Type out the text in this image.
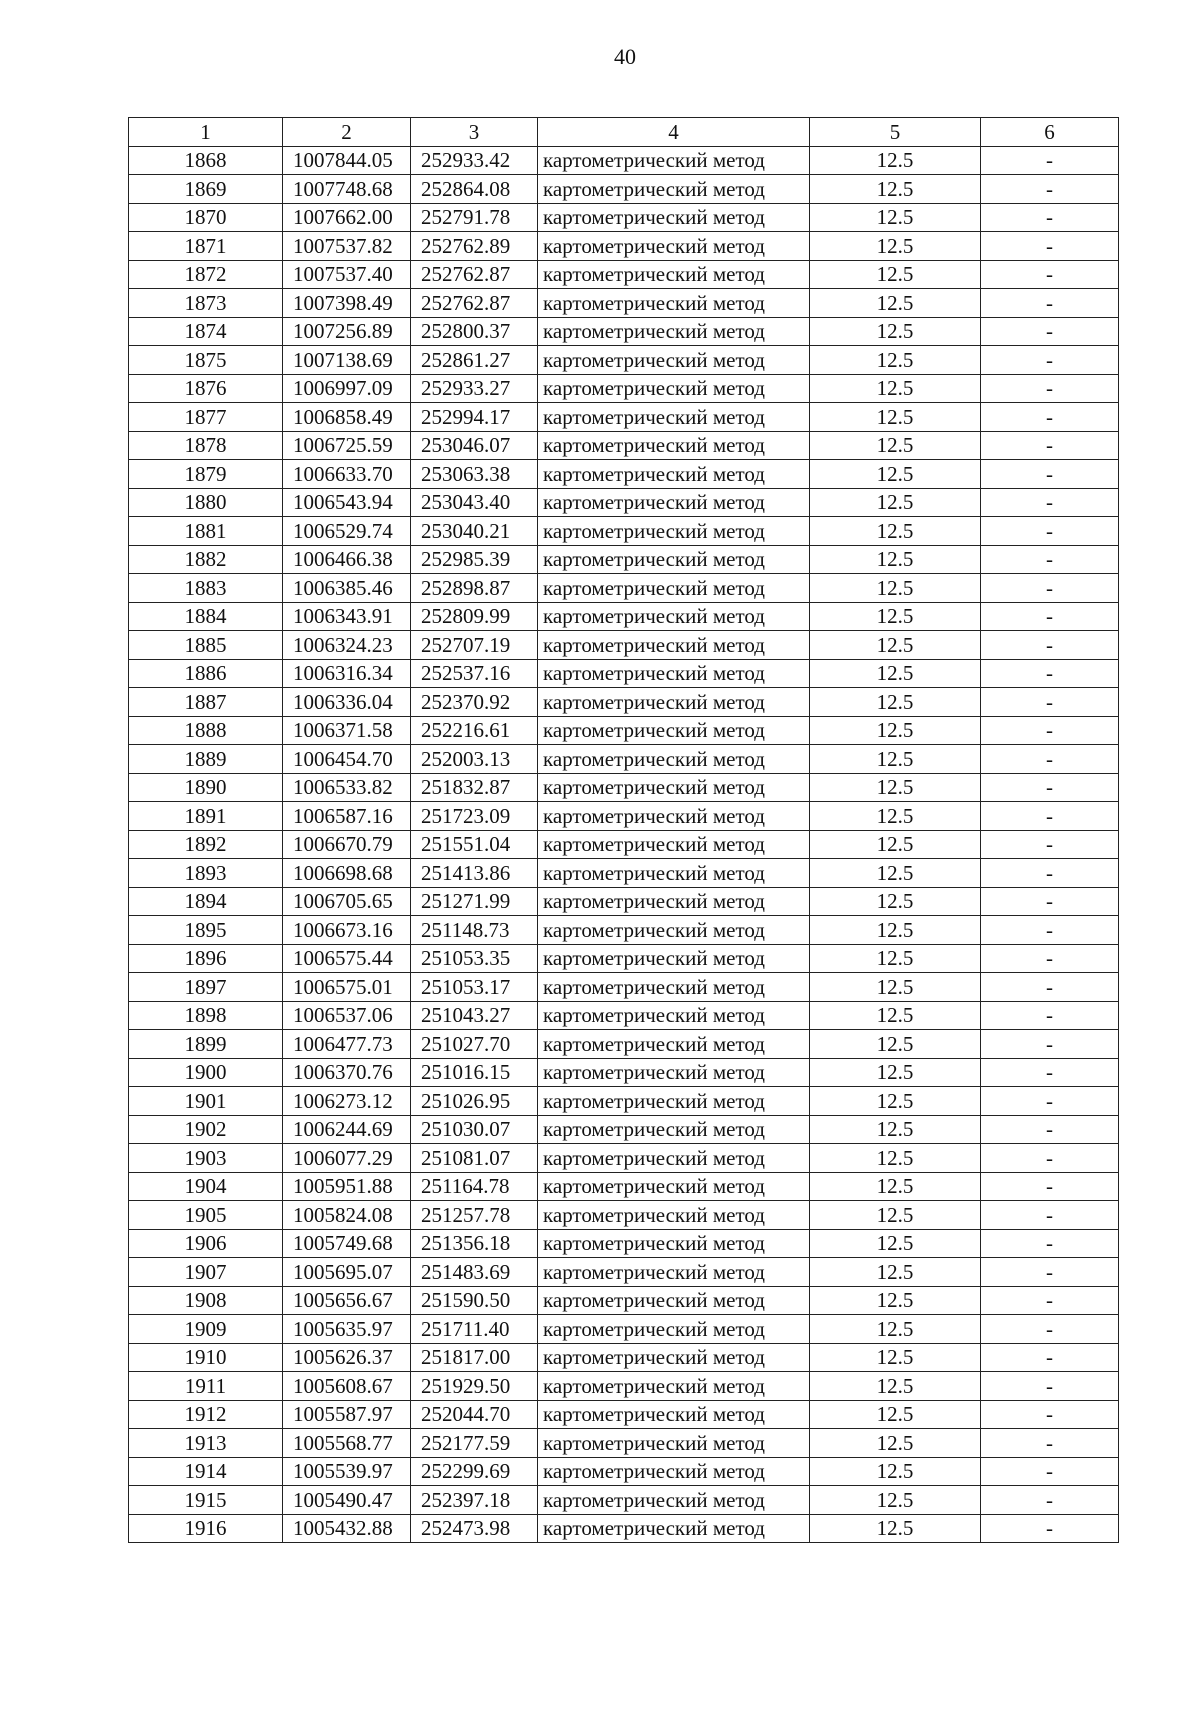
40
1	2	3	4	5	6
1868	1007844.05	252933.42	картометрический метод	12.5	-
1869	1007748.68	252864.08	картометрический метод	12.5	-
1870	1007662.00	252791.78	картометрический метод	12.5	-
1871	1007537.82	252762.89	картометрический метод	12.5	-
1872	1007537.40	252762.87	картометрический метод	12.5	-
1873	1007398.49	252762.87	картометрический метод	12.5	-
1874	1007256.89	252800.37	картометрический метод	12.5	-
1875	1007138.69	252861.27	картометрический метод	12.5	-
1876	1006997.09	252933.27	картометрический метод	12.5	-
1877	1006858.49	252994.17	картометрический метод	12.5	-
1878	1006725.59	253046.07	картометрический метод	12.5	-
1879	1006633.70	253063.38	картометрический метод	12.5	-
1880	1006543.94	253043.40	картометрический метод	12.5	-
1881	1006529.74	253040.21	картометрический метод	12.5	-
1882	1006466.38	252985.39	картометрический метод	12.5	-
1883	1006385.46	252898.87	картометрический метод	12.5	-
1884	1006343.91	252809.99	картометрический метод	12.5	-
1885	1006324.23	252707.19	картометрический метод	12.5	-
1886	1006316.34	252537.16	картометрический метод	12.5	-
1887	1006336.04	252370.92	картометрический метод	12.5	-
1888	1006371.58	252216.61	картометрический метод	12.5	-
1889	1006454.70	252003.13	картометрический метод	12.5	-
1890	1006533.82	251832.87	картометрический метод	12.5	-
1891	1006587.16	251723.09	картометрический метод	12.5	-
1892	1006670.79	251551.04	картометрический метод	12.5	-
1893	1006698.68	251413.86	картометрический метод	12.5	-
1894	1006705.65	251271.99	картометрический метод	12.5	-
1895	1006673.16	251148.73	картометрический метод	12.5	-
1896	1006575.44	251053.35	картометрический метод	12.5	-
1897	1006575.01	251053.17	картометрический метод	12.5	-
1898	1006537.06	251043.27	картометрический метод	12.5	-
1899	1006477.73	251027.70	картометрический метод	12.5	-
1900	1006370.76	251016.15	картометрический метод	12.5	-
1901	1006273.12	251026.95	картометрический метод	12.5	-
1902	1006244.69	251030.07	картометрический метод	12.5	-
1903	1006077.29	251081.07	картометрический метод	12.5	-
1904	1005951.88	251164.78	картометрический метод	12.5	-
1905	1005824.08	251257.78	картометрический метод	12.5	-
1906	1005749.68	251356.18	картометрический метод	12.5	-
1907	1005695.07	251483.69	картометрический метод	12.5	-
1908	1005656.67	251590.50	картометрический метод	12.5	-
1909	1005635.97	251711.40	картометрический метод	12.5	-
1910	1005626.37	251817.00	картометрический метод	12.5	-
1911	1005608.67	251929.50	картометрический метод	12.5	-
1912	1005587.97	252044.70	картометрический метод	12.5	-
1913	1005568.77	252177.59	картометрический метод	12.5	-
1914	1005539.97	252299.69	картометрический метод	12.5	-
1915	1005490.47	252397.18	картометрический метод	12.5	-
1916	1005432.88	252473.98	картометрический метод	12.5	-
